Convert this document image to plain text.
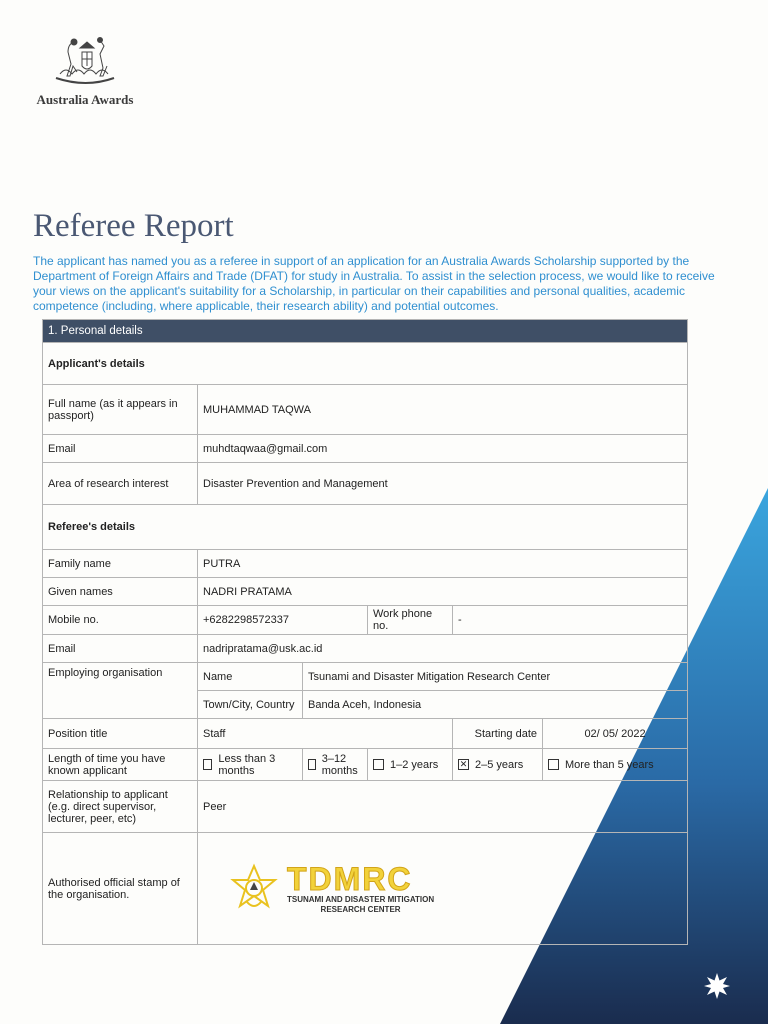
Australia Awards
Referee Report

The applicant has named you as a referee in support of an application for an Australia Awards Scholarship supported by the Department of Foreign Affairs and Trade (DFAT) for study in Australia. To assist in the selection process, we would like to receive your views on the applicant's suitability for a Scholarship, in particular on their capabilities and personal qualities, academic competence (including, where applicable, their research ability) and potential outcomes.

1. Personal details					
Applicant's details					
Full name (as it appears in passport)	MUHAMMAD TAQWA				
Email	muhdtaqwaa@gmail.com				
Area of research interest	Disaster Prevention and Management				
Referee's details					
Family name	PUTRA				
Given names	NADRI PRATAMA				
Mobile no.	+6282298572337		Work phone no.	-	
Email	nadripratama@usk.ac.id				
Employing organisation	Name	Tsunami and Disaster Mitigation Research Center			
	Town/City, Country	Banda Aceh, Indonesia			
Position title	Staff			Starting date	02/ 05/ 2022
Length of time you have known applicant	Less than 3 months	3–12 months	1–2 years	✕ 2–5 years	More than 5 years

Relationship to applicant (e.g. direct supervisor, lecturer, peer, etc)	Peer				
Authorised official stamp of the organisation.	TDMRC
TSUNAMI AND DISASTER MITIGATION
RESEARCH CENTER				
